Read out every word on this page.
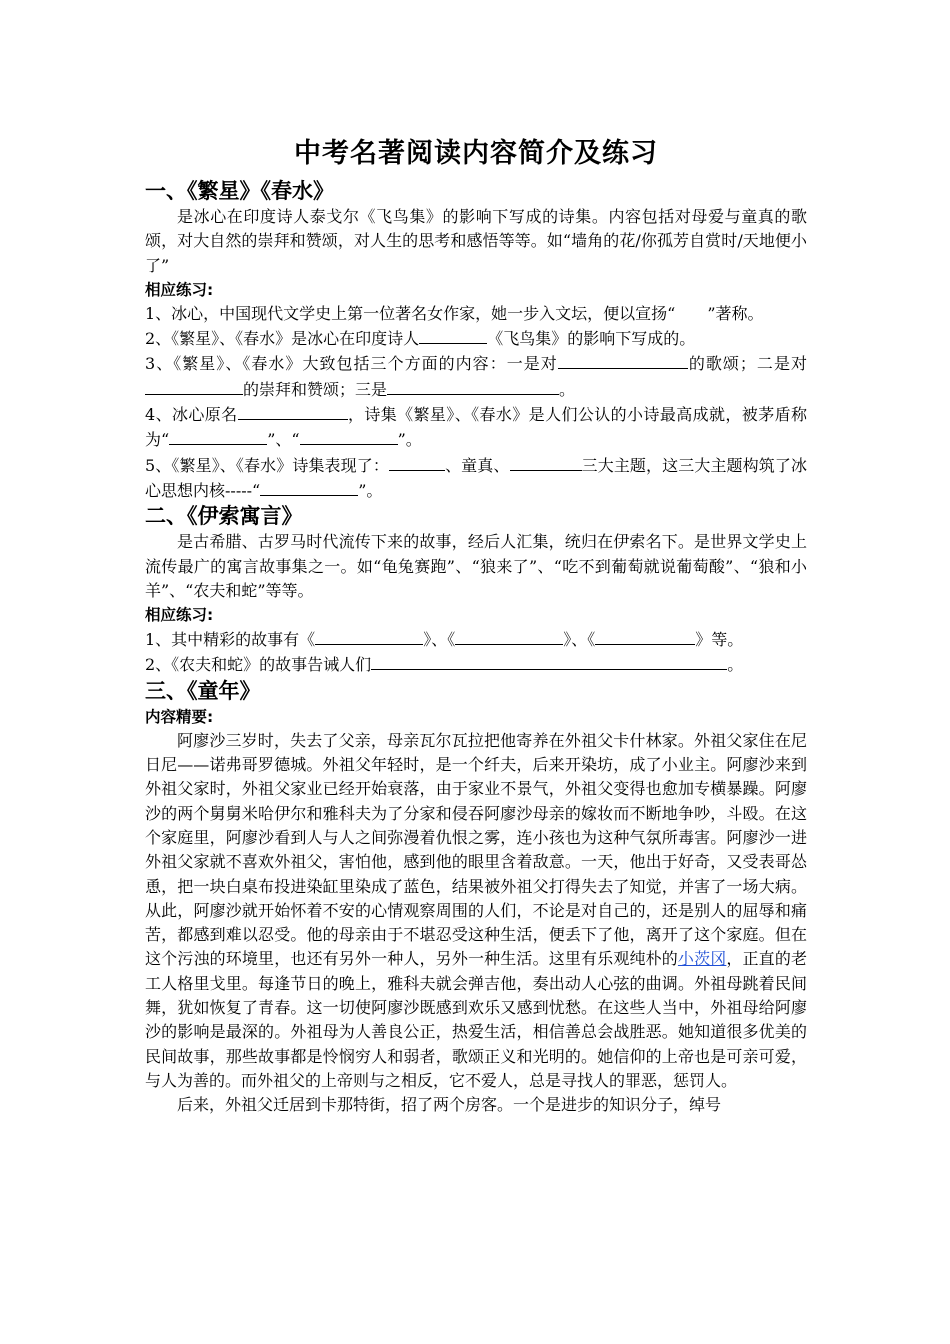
中考名著阅读内容简介及练习
一、《繁星》《春水》

是冰心在印度诗人泰戈尔《飞鸟集》的影响下写成的诗集。内容包括对母爱与童真的歌颂，对大自然的崇拜和赞颂，对人生的思考和感悟等等。如“墙角的花/你孤芳自赏时/天地便小了”

相应练习:

1、冰心，中国现代文学史上第一位著名女作家，她一步入文坛，便以宣扬“　　”著称。

2、《繁星》、《春水》是冰心在印度诗人	《飞鸟集》的影响下写成的。

3、《繁星》、《春水》大致包括三个方面的内容：一是对	的歌颂；二是对的崇拜和赞颂；三是	。

4、冰心原名	，诗集《繁星》、《春水》是人们公认的小诗最高成就，被茅盾称为“	”、“	”。

5、《繁星》、《春水》诗集表现了：	、童真、	三大主题，这三大主题构筑了冰心思想内核-----“	”。

二、《伊索寓言》

是古希腊、古罗马时代流传下来的故事，经后人汇集，统归在伊索名下。是世界文学史上流传最广的寓言故事集之一。如“龟兔赛跑”、“狼来了”、“吃不到葡萄就说葡萄酸”、“狼和小羊”、“农夫和蛇”等等。

相应练习:

1、其中精彩的故事有《	》、《	》、《	》等。

2、《农夫和蛇》的故事告诫人们	。

三、《童年》
内容精要:

阿廖沙三岁时，失去了父亲，母亲瓦尔瓦拉把他寄养在外祖父卡什林家。外祖父家住在尼日尼——诺弗哥罗德城。外祖父年轻时，是一个纤夫，后来开染坊，成了小业主。阿廖沙来到外祖父家时，外祖父家业已经开始衰落，由于家业不景气，外祖父变得也愈加专横暴躁。阿廖沙的两个舅舅米哈伊尔和雅科夫为了分家和侵吞阿廖沙母亲的嫁妆而不断地争吵，斗殴。在这个家庭里，阿廖沙看到人与人之间弥漫着仇恨之雾，连小孩也为这种气氛所毒害。阿廖沙一进外祖父家就不喜欢外祖父，害怕他，感到他的眼里含着敌意。一天，他出于好奇，又受表哥怂恿，把一块白桌布投进染缸里染成了蓝色，结果被外祖父打得失去了知觉，并害了一场大病。从此，阿廖沙就开始怀着不安的心情观察周围的人们，不论是对自己的，还是别人的屈辱和痛苦，都感到难以忍受。他的母亲由于不堪忍受这种生活，便丢下了他，离开了这个家庭。但在这个污浊的环境里，也还有另外一种人，另外一种生活。这里有乐观纯朴的小茨冈，正直的老工人格里戈里。每逢节日的晚上，雅科夫就会弹吉他，奏出动人心弦的曲调。外祖母跳着民间舞，犹如恢复了青春。这一切使阿廖沙既感到欢乐又感到忧愁。在这些人当中，外祖母给阿廖沙的影响是最深的。外祖母为人善良公正，热爱生活，相信善总会战胜恶。她知道很多优美的民间故事，那些故事都是怜悯穷人和弱者，歌颂正义和光明的。她信仰的上帝也是可亲可爱，与人为善的。而外祖父的上帝则与之相反，它不爱人，总是寻找人的罪恶，惩罚人。

后来，外祖父迁居到卡那特街，招了两个房客。一个是进步的知识分子，绰号
